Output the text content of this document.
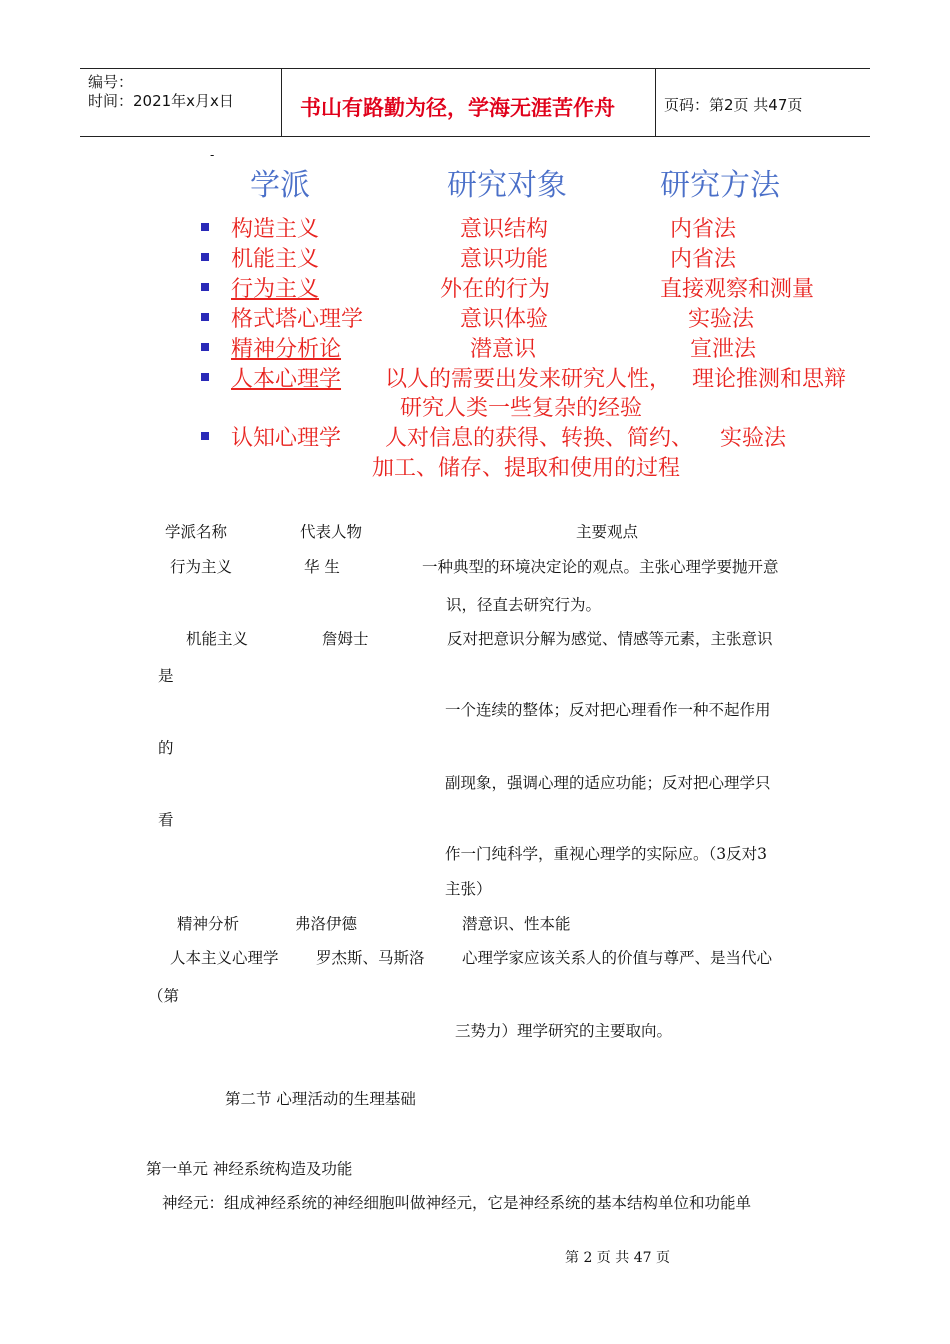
编号：
时间：2021年x月x日	书山有路勤为径，学海无涯苦作舟	页码：第2页 共47页
-
学派	研究对象	研究方法
构造主义	意识结构	内省法
机能主义	意识功能	内省法
行为主义	外在的行为	直接观察和测量
格式塔心理学	意识体验	实验法
精神分析论	潜意识	宣泄法
人本心理学 以人的需要出发来研究人性， 理论推测和思辩
研究人类一些复杂的经验
认知心理学 人对信息的获得、转换、简约、 实验法
加工、储存、提取和使用的过程
学派名称	代表人物	主要观点
行为主义	华 生	一种典型的环境决定论的观点。主张心理学要抛开意
识，径直去研究行为。
机能主义	詹姆士	反对把意识分解为感觉、情感等元素，主张意识
是
一个连续的整体；反对把心理看作一种不起作用
的
副现象，强调心理的适应功能；反对把心理学只
看
作一门纯科学，重视心理学的实际应。（3反对3
主张）
精神分析	弗洛伊德	潜意识、性本能
人本主义心理学 罗杰斯、马斯洛 心理学家应该关系人的价值与尊严、是当代心
（第
三势力）理学研究的主要取向。
第二节 心理活动的生理基础
第一单元 神经系统构造及功能
神经元：组成神经系统的神经细胞叫做神经元，它是神经系统的基本结构单位和功能单
第 2 页 共 47 页
